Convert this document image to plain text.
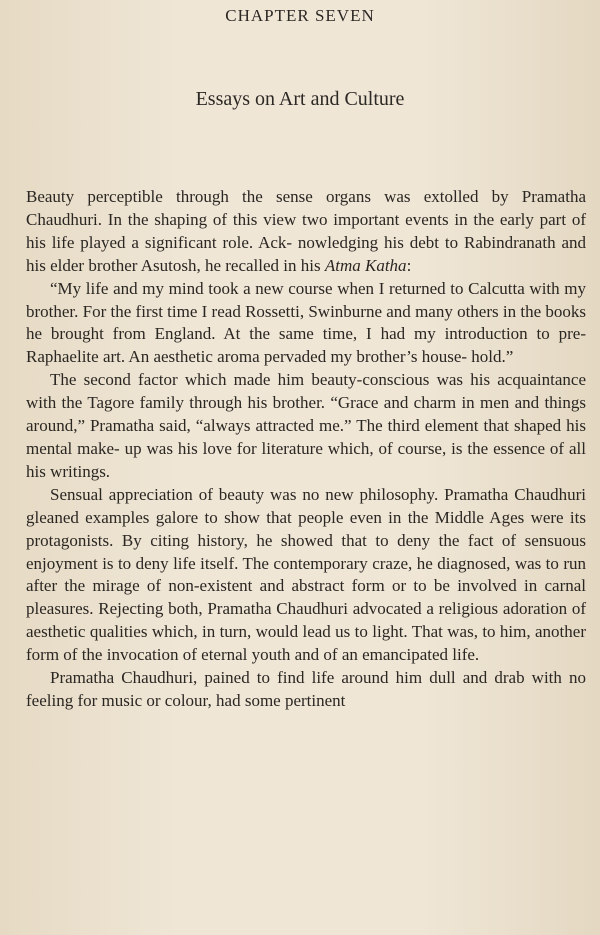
CHAPTER SEVEN
Essays on Art and Culture

Beauty perceptible through the sense organs was extolled by Pramatha Chaudhuri. In the shaping of this view two important events in the early part of his life played a significant role. Ack- nowledging his debt to Rabindranath and his elder brother Asutosh, he recalled in his Atma Katha:

“My life and my mind took a new course when I returned to Calcutta with my brother. For the first time I read Rossetti, Swinburne and many others in the books he brought from England. At the same time, I had my introduction to pre-Raphaelite art. An aesthetic aroma pervaded my brother’s house- hold.”

The second factor which made him beauty-conscious was his acquaintance with the Tagore family through his brother. “Grace and charm in men and things around,” Pramatha said, “always attracted me.” The third element that shaped his mental make- up was his love for literature which, of course, is the essence of all his writings.

Sensual appreciation of beauty was no new philosophy. Pramatha Chaudhuri gleaned examples galore to show that people even in the Middle Ages were its protagonists. By citing history, he showed that to deny the fact of sensuous enjoyment is to deny life itself. The contemporary craze, he diagnosed, was to run after the mirage of non-existent and abstract form or to be involved in carnal pleasures. Rejecting both, Pramatha Chaudhuri advocated a religious adoration of aesthetic qualities which, in turn, would lead us to light. That was, to him, another form of the invocation of eternal youth and of an emancipated life.

Pramatha Chaudhuri, pained to find life around him dull and drab with no feeling for music or colour, had some pertinent
